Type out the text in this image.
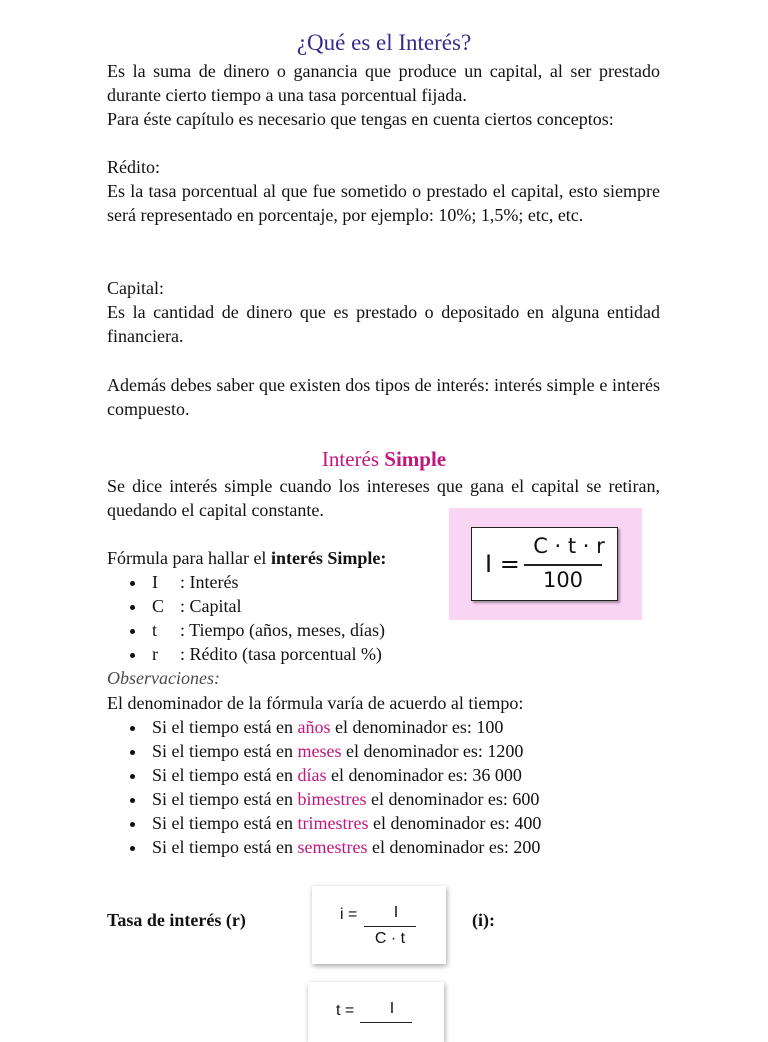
¿Qué es el Interés?
Es la suma de dinero o ganancia que produce un capital, al ser prestado durante cierto tiempo a una tasa porcentual fijada.
Para éste capítulo es necesario que tengas en cuenta ciertos conceptos:
Rédito:
Es la tasa porcentual al que fue sometido o prestado el capital, esto siempre será representado en porcentaje, por ejemplo: 10%; 1,5%; etc, etc.
Capital:
Es la cantidad de dinero que es prestado o depositado en alguna entidad financiera.
Además debes saber que existen dos tipos de interés: interés simple e interés compuesto.
Interés Simple
Se dice interés simple cuando los intereses que gana el capital se retiran, quedando el capital constante.
Fórmula para hallar el interés Simple:
I : Interés
C : Capital
t : Tiempo (años, meses, días)
r : Rédito (tasa porcentual %)
I =
C · t · r
100
Observaciones:
El denominador de la fórmula varía de acuerdo al tiempo:
Si el tiempo está en años el denominador es: 100
Si el tiempo está en meses el denominador es: 1200
Si el tiempo está en días el denominador es: 36 000
Si el tiempo está en bimestres el denominador es: 600
Si el tiempo está en trimestres el denominador es: 400
Si el tiempo está en semestres el denominador es: 200
Tasa de interés (r)	i =	I
C · t
(i):
t =	I
